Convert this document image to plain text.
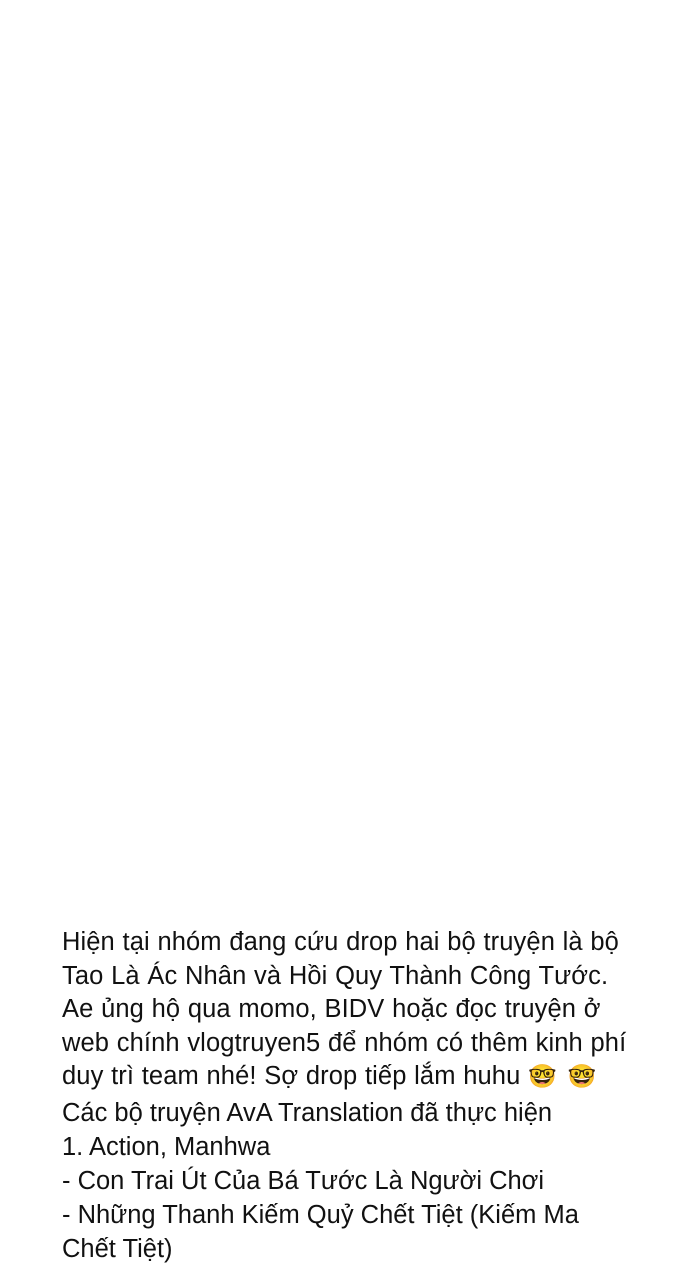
Hiện tại nhóm đang cứu drop hai bộ truyện là bộ Tao Là Ác Nhân và Hồi Quy Thành Công Tước. Ae ủng hộ qua momo, BIDV hoặc đọc truyện ở web chính vlogtruyen5 để nhóm có thêm kinh phí duy trì team nhé! Sợ drop tiếp lắm huhu 🤓 🤓

Các bộ truyện AvA Translation đã thực hiện

1. Action, Manhwa

- Con Trai Út Của Bá Tước Là Người Chơi

- Những Thanh Kiếm Quỷ Chết Tiệt (Kiếm Ma Chết Tiệt)
